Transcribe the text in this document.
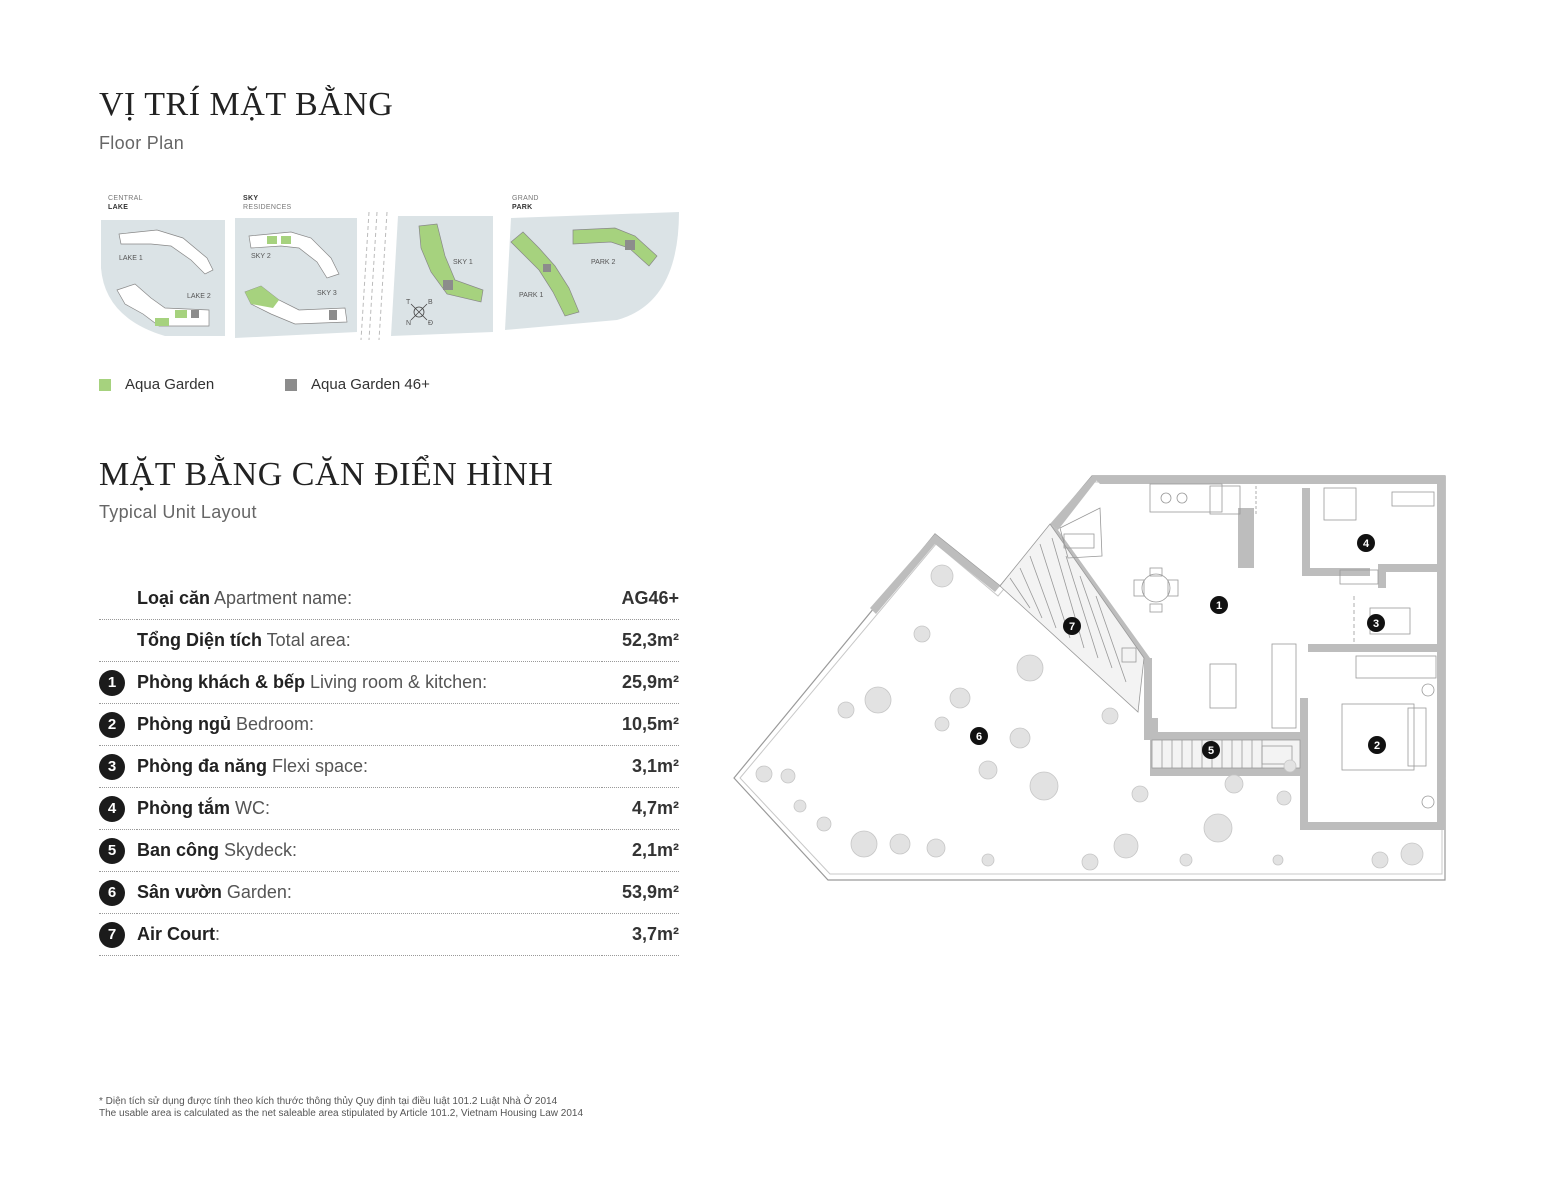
VỊ TRÍ MẶT BẰNG
Floor Plan
CENTRAL
LAKE
SKY
RESIDENCES
GRAND
PARK
LAKE 1
LAKE 2
SKY 2
SKY 3
SKY 1	PARK 2
PARK 1
T	B
N Đ
Aqua Garden	Aqua Garden 46+
MẶT BẰNG CĂN ĐIỂN HÌNH
Typical Unit Layout
	Loại căn Apartment name:	AG46+
	Tổng Diện tích Total area:	52,3m²
1	Phòng khách & bếp Living room & kitchen:	25,9m²
2	Phòng ngủ Bedroom:	10,5m²
3	Phòng đa năng Flexi space:	3,1m²
4	Phòng tắm WC:	4,7m²
5	Ban công Skydeck:	2,1m²
6	Sân vườn Garden:	53,9m²
7	Air Court:	3,7m²
1
2
3
4
5
6
7
* Diện tích sử dụng được tính theo kích thước thông thủy Quy định tại điều luật 101.2 Luật Nhà Ở 2014
The usable area is calculated as the net saleable area stipulated by Article 101.2, Vietnam Housing Law 2014
